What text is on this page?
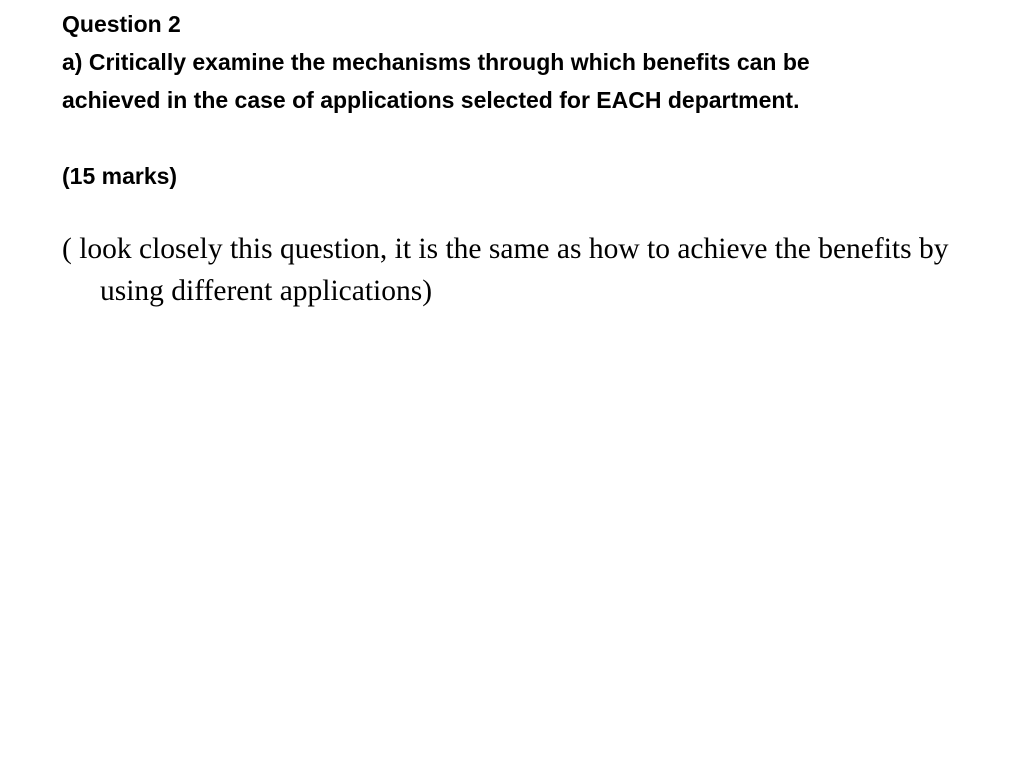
Question 2
a) Critically examine the mechanisms through which benefits can be
achieved in the case of applications selected for EACH department.
(15 marks)

( look closely this question, it is the same as how to achieve the benefits by using different applications)
